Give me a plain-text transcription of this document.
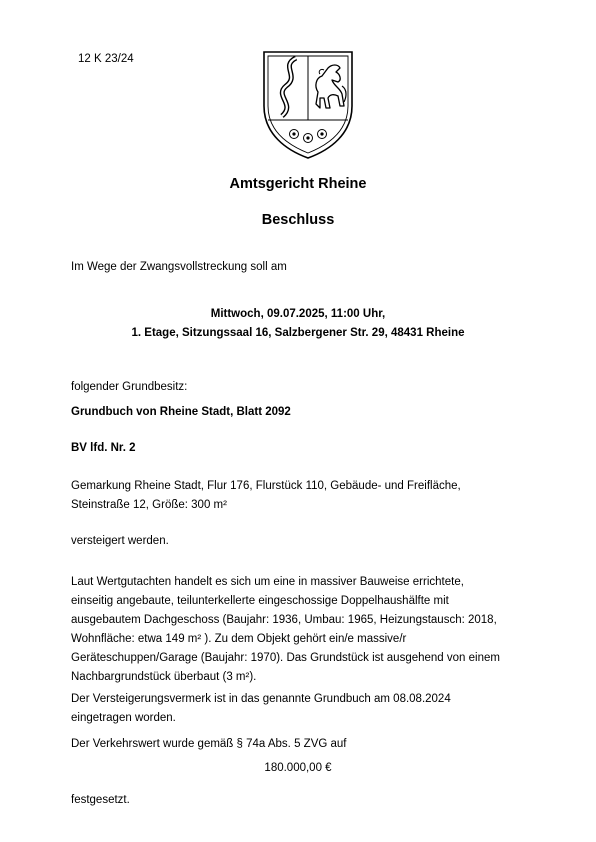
12 K 23/24
Amtsgericht Rheine
Beschluss
Im Wege der Zwangsvollstreckung soll am
Mittwoch, 09.07.2025, 11:00 Uhr,
1. Etage, Sitzungssaal 16, Salzbergener Str. 29, 48431 Rheine
folgender Grundbesitz:
Grundbuch von Rheine Stadt, Blatt 2092
BV lfd. Nr. 2
Gemarkung Rheine Stadt, Flur 176, Flurstück 110, Gebäude- und Freifläche,
Steinstraße 12, Größe: 300 m²
versteigert werden.
Laut Wertgutachten handelt es sich um eine in massiver Bauweise errichtete,
einseitig angebaute, teilunterkellerte eingeschossige Doppelhaushälfte mit
ausgebautem Dachgeschoss (Baujahr: 1936, Umbau: 1965, Heizungstausch: 2018,
Wohnfläche: etwa 149 m² ). Zu dem Objekt gehört ein/e massive/r
Geräteschuppen/Garage (Baujahr: 1970). Das Grundstück ist ausgehend von einem
Nachbargrundstück überbaut (3 m²).
Der Versteigerungsvermerk ist in das genannte Grundbuch am 08.08.2024
eingetragen worden.
Der Verkehrswert wurde gemäß § 74a Abs. 5 ZVG auf
180.000,00 €
festgesetzt.
